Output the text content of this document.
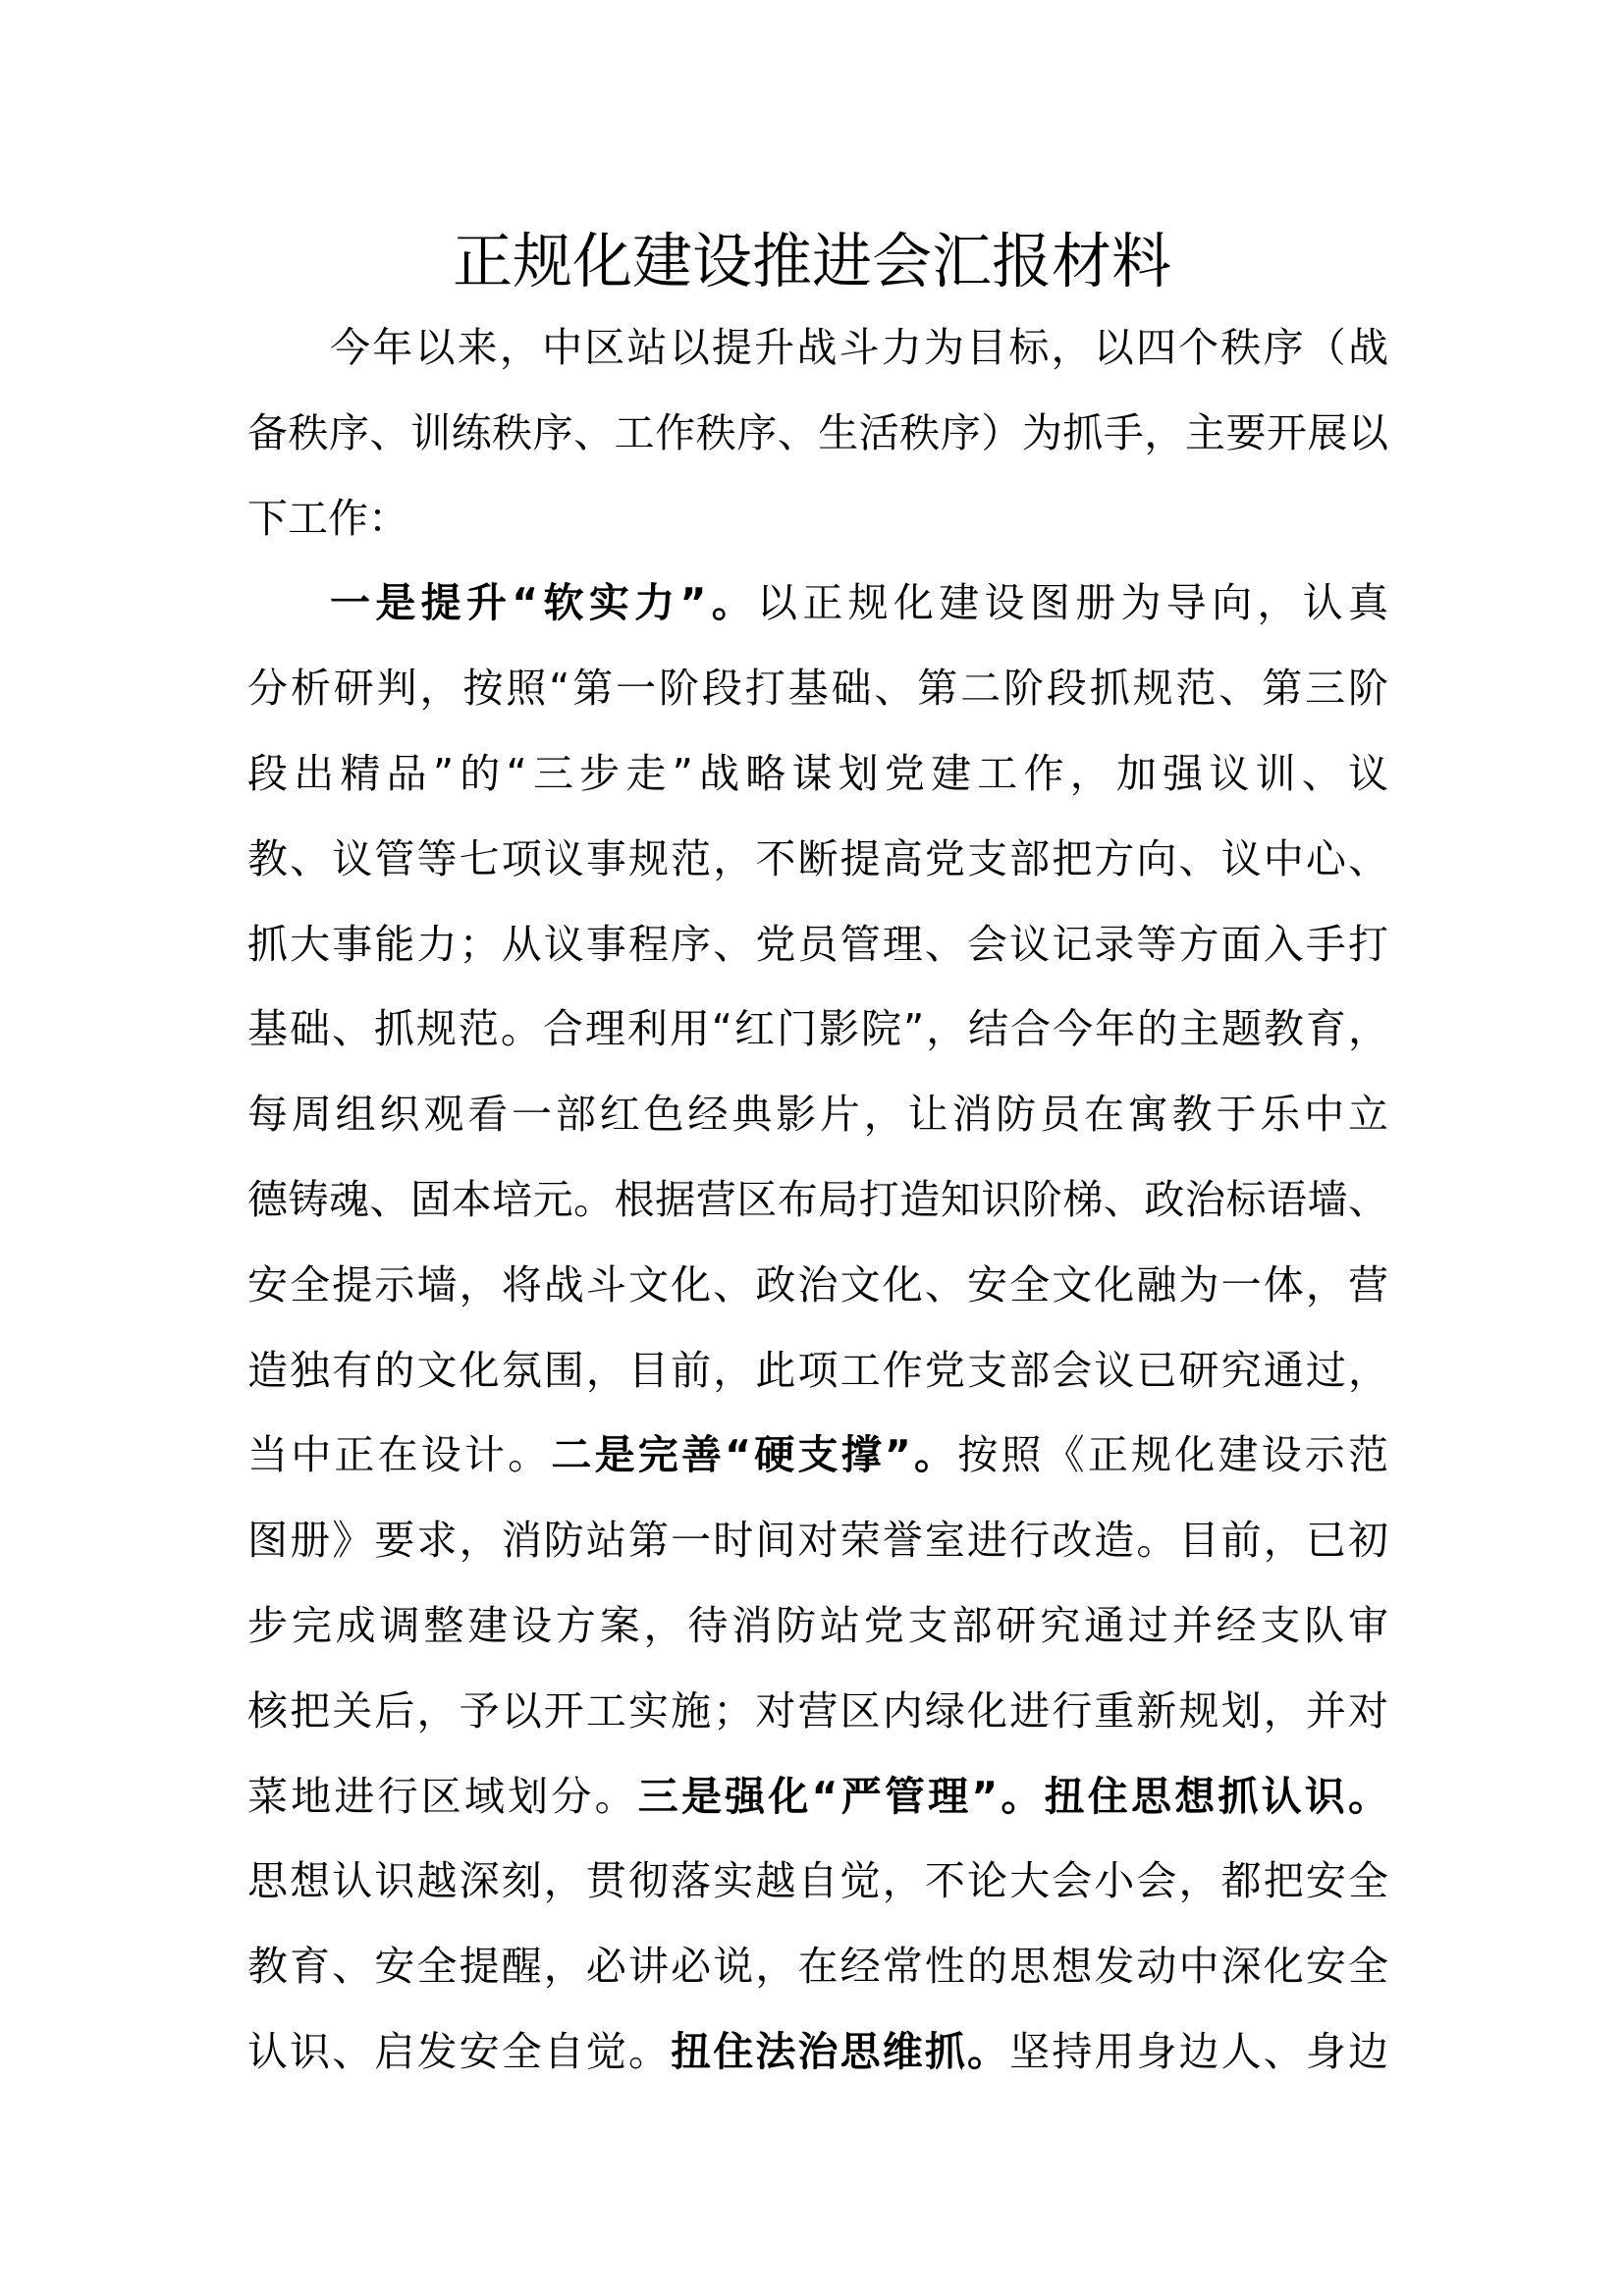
正规化建设推进会汇报材料
今年以来，中区站以提升战斗力为目标，以四个秩序（战
备秩序、训练秩序、工作秩序、生活秩序）为抓手，主要开展以
下工作：
一是提升“软实力”。以正规化建设图册为导向，认真
分析研判，按照“第一阶段打基础、第二阶段抓规范、第三阶
段出精品”的“三步走”战略谋划党建工作，加强议训、议
教、议管等七项议事规范，不断提高党支部把方向、议中心、
抓大事能力；从议事程序、党员管理、会议记录等方面入手打
基础、抓规范。合理利用“红门影院”，结合今年的主题教育，
每周组织观看一部红色经典影片，让消防员在寓教于乐中立
德铸魂、固本培元。根据营区布局打造知识阶梯、政治标语墙、
安全提示墙，将战斗文化、政治文化、安全文化融为一体，营
造独有的文化氛围，目前，此项工作党支部会议已研究通过，
当中正在设计。二是完善“硬支撑”。按照《正规化建设示范
图册》要求，消防站第一时间对荣誉室进行改造。目前，已初
步完成调整建设方案，待消防站党支部研究通过并经支队审
核把关后，予以开工实施；对营区内绿化进行重新规划，并对
菜地进行区域划分。三是强化“严管理”。扭住思想抓认识。
思想认识越深刻，贯彻落实越自觉，不论大会小会，都把安全
教育、安全提醒，必讲必说，在经常性的思想发动中深化安全
认识、启发安全自觉。扭住法治思维抓。坚持用身边人、身边
